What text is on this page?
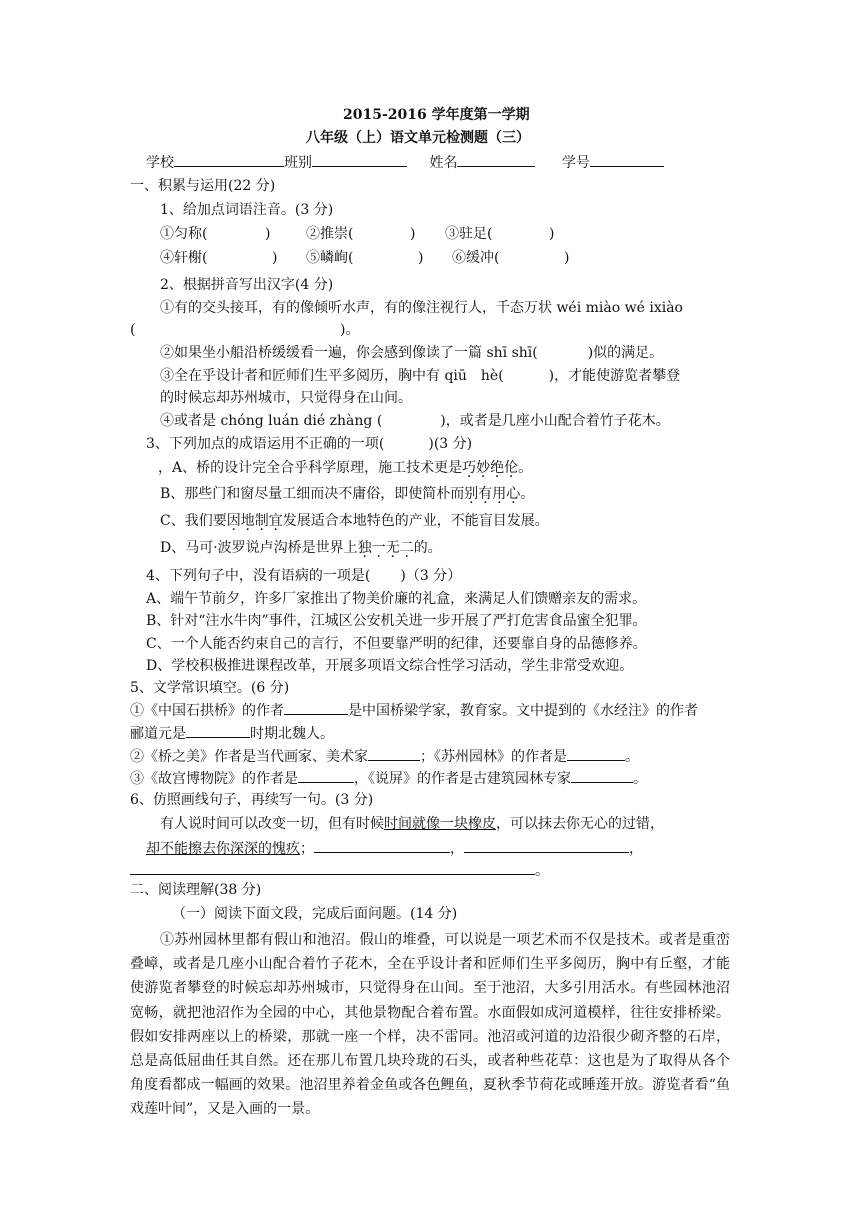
2015-2016 学年度第一学期
八年级（上）语文单元检测题（三）
学校	班别	姓名	学号
一、积累与运用(22 分)
1、给加点词语注音。(3 分)
①匀称(	)	②推崇(	) ③驻足(	)
④轩榭(	) ⑤嶙峋(	) ⑥缓冲(	)
2、根据拼音写出汉字(4 分)
①有的交头接耳，有的像倾听水声，有的像注视行人，千态万状 wéi miào wé ixiào
(	)。
②如果坐小船沿桥缓缓看一遍，你会感到像读了一篇 shī shī(	)似的满足。
③全在乎设计者和匠师们生平多阅历，胸中有 qiū　hè(	)，才能使游览者攀登
的时候忘却苏州城市，只觉得身在山间。
④或者是 chóng luán dié zhàng (	)，或者是几座小山配合着竹子花木。
3、下列加点的成语运用不正确的一项(	)(3 分)
，A、桥的设计完全合乎科学原理，施工技术更是巧妙绝伦。
B、那些门和窗尽量工细而决不庸俗，即使简朴而别有用心。
C、我们要因地制宜发展适合本地特色的产业，不能盲目发展。
D、马可·波罗说卢沟桥是世界上独一无二的。
4、下列句子中，没有语病的一项是( )（3 分）
A、端午节前夕，许多厂家推出了物美价廉的礼盒，来满足人们馈赠亲友的需求。
B、针对“注水牛肉”事件，江城区公安机关进一步开展了严打危害食品蜜全犯罪。
C、一个人能否约束自己的言行，不但要靠严明的纪律，还要靠自身的品德修养。
D、学校积极推进课程改革，开展多项语文综合性学习活动，学生非常受欢迎。
5、文学常识填空。(6 分)
①《中国石拱桥》的作者	是中国桥梁学家，教育家。文中提到的《水经注》的作者
郦道元是	时期北魏人。
②《桥之美》作者是当代画家、美术家	；《苏州园林》的作者是	。
③《故宫博物院》的作者是	，《说屏》的作者是古建筑园林专家	。
6、仿照画线句子，再续写一句。(3 分)
有人说时间可以改变一切，但有时候时间就像一块橡皮，可以抹去你无心的过错，
却不能擦去你深深的愧疚；	，	，
。
二、阅读理解(38 分)
（一）阅读下面文段，完成后面问题。(14 分)
①苏州园林里都有假山和池沼。假山的堆叠，可以说是一项艺术而不仅是技术。或者是重峦叠嶂，或者是几座小山配合着竹子花木，全在乎设计者和匠师们生平多阅历，胸中有丘壑，才能使游览者攀登的时候忘却苏州城市，只觉得身在山间。至于池沼，大多引用活水。有些园林池沼宽畅，就把池沼作为全园的中心，其他景物配合着布置。水面假如成河道模样，往往安排桥梁。假如安排两座以上的桥梁，那就一座一个样，决不雷同。池沼或河道的边沿很少砌齐整的石岸，总是高低屈曲任其自然。还在那儿布置几块玲珑的石头，或者种些花草：这也是为了取得从各个角度看都成一幅画的效果。池沼里养着金鱼或各色鲤鱼，夏秋季节荷花或睡莲开放。游览者看“鱼戏莲叶间”，又是入画的一景。
